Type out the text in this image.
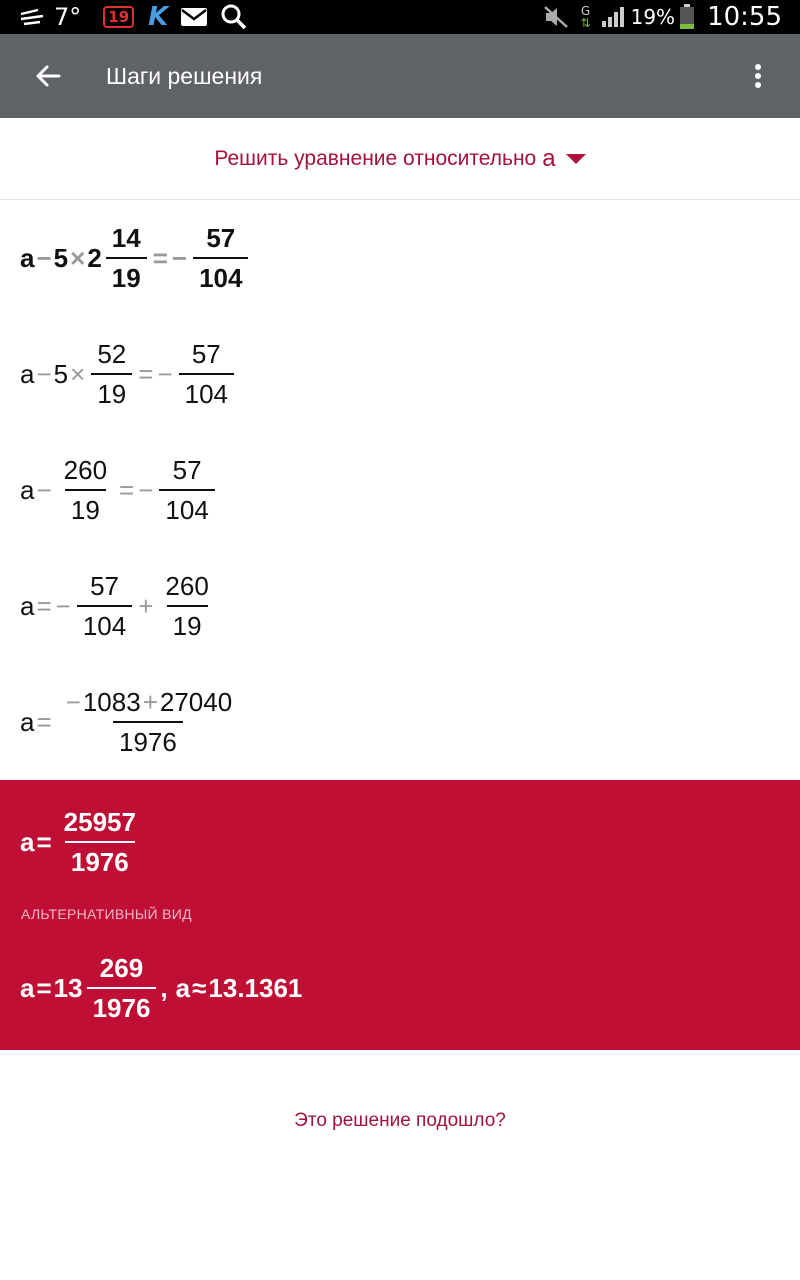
7°	19 K	G
⇅ 19% 10:55
Шаги решения
Решить уравнение относительно a
$a - 5 \times 2 \frac{14}{19}$ = − $\frac{57}{104}$
$a - 5 \times \frac{52}{19}$ = − $\frac{57}{104}$
$a - \frac{260}{19}$ = − $\frac{57}{104}$
a = − $\frac{57}{104} + \frac{260}{19}$
$a = \frac{-1083+27040}{1976}$
$a = \frac{25957}{1976}$
АЛЬТЕРНАТИВНЫЙ ВИД
$a = 13 \frac{269}{1976}$ , a ≈ 13.1361
Это решение подошло?
